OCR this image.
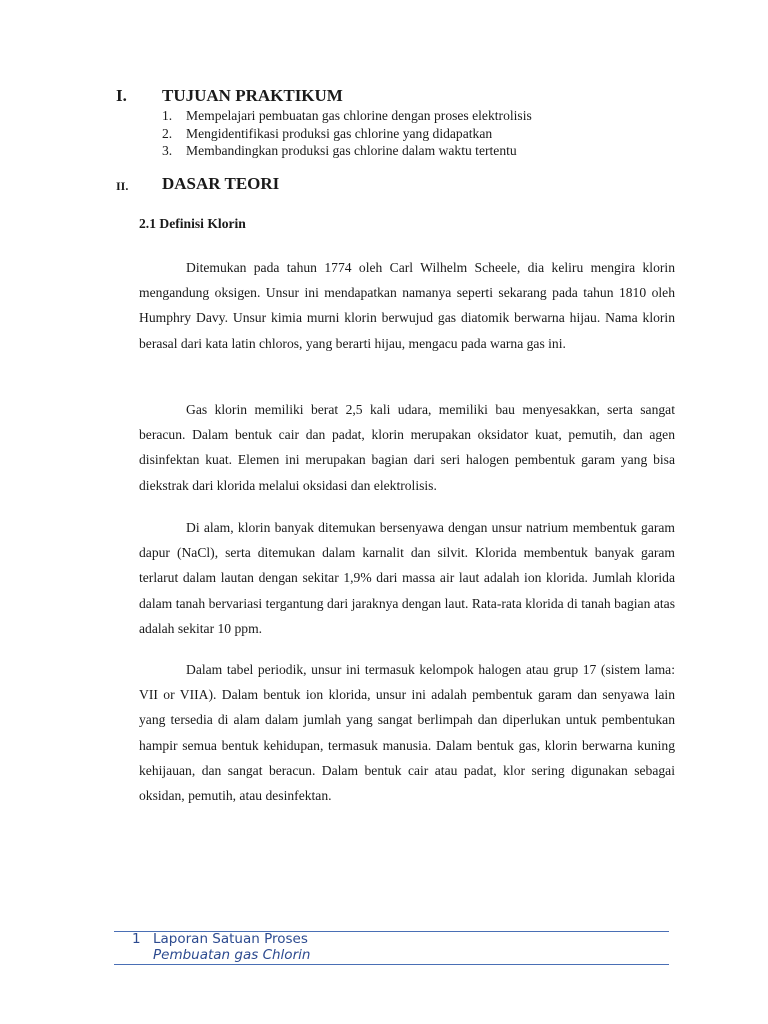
I. TUJUAN PRAKTIKUM
1. Mempelajari pembuatan gas chlorine dengan proses elektrolisis
2. Mengidentifikasi produksi gas chlorine yang didapatkan
3. Membandingkan produksi gas chlorine dalam waktu tertentu
II. DASAR TEORI
2.1 Definisi Klorin

Ditemukan pada tahun 1774 oleh Carl Wilhelm Scheele, dia keliru mengira klorin mengandung oksigen. Unsur ini mendapatkan namanya seperti sekarang pada tahun 1810 oleh Humphry Davy. Unsur kimia murni klorin berwujud gas diatomik berwarna hijau. Nama klorin berasal dari kata latin chloros, yang berarti hijau, mengacu pada warna gas ini.

Gas klorin memiliki berat 2,5 kali udara, memiliki bau menyesakkan, serta sangat beracun. Dalam bentuk cair dan padat, klorin merupakan oksidator kuat, pemutih, dan agen disinfektan kuat. Elemen ini merupakan bagian dari seri halogen pembentuk garam yang bisa diekstrak dari klorida melalui oksidasi dan elektrolisis.

Di alam, klorin banyak ditemukan bersenyawa dengan unsur natrium membentuk garam dapur (NaCl), serta ditemukan dalam karnalit dan silvit. Klorida membentuk banyak garam terlarut dalam lautan dengan sekitar 1,9% dari massa air laut adalah ion klorida. Jumlah klorida dalam tanah bervariasi tergantung dari jaraknya dengan laut. Rata-rata klorida di tanah bagian atas adalah sekitar 10 ppm.

Dalam tabel periodik, unsur ini termasuk kelompok halogen atau grup 17 (sistem lama: VII or VIIA). Dalam bentuk ion klorida, unsur ini adalah pembentuk garam dan senyawa lain yang tersedia di alam dalam jumlah yang sangat berlimpah dan diperlukan untuk pembentukan hampir semua bentuk kehidupan, termasuk manusia. Dalam bentuk gas, klorin berwarna kuning kehijauan, dan sangat beracun. Dalam bentuk cair atau padat, klor sering digunakan sebagai oksidan, pemutih, atau desinfektan.

1 Laporan Satuan Proses
Pembuatan gas Chlorin
